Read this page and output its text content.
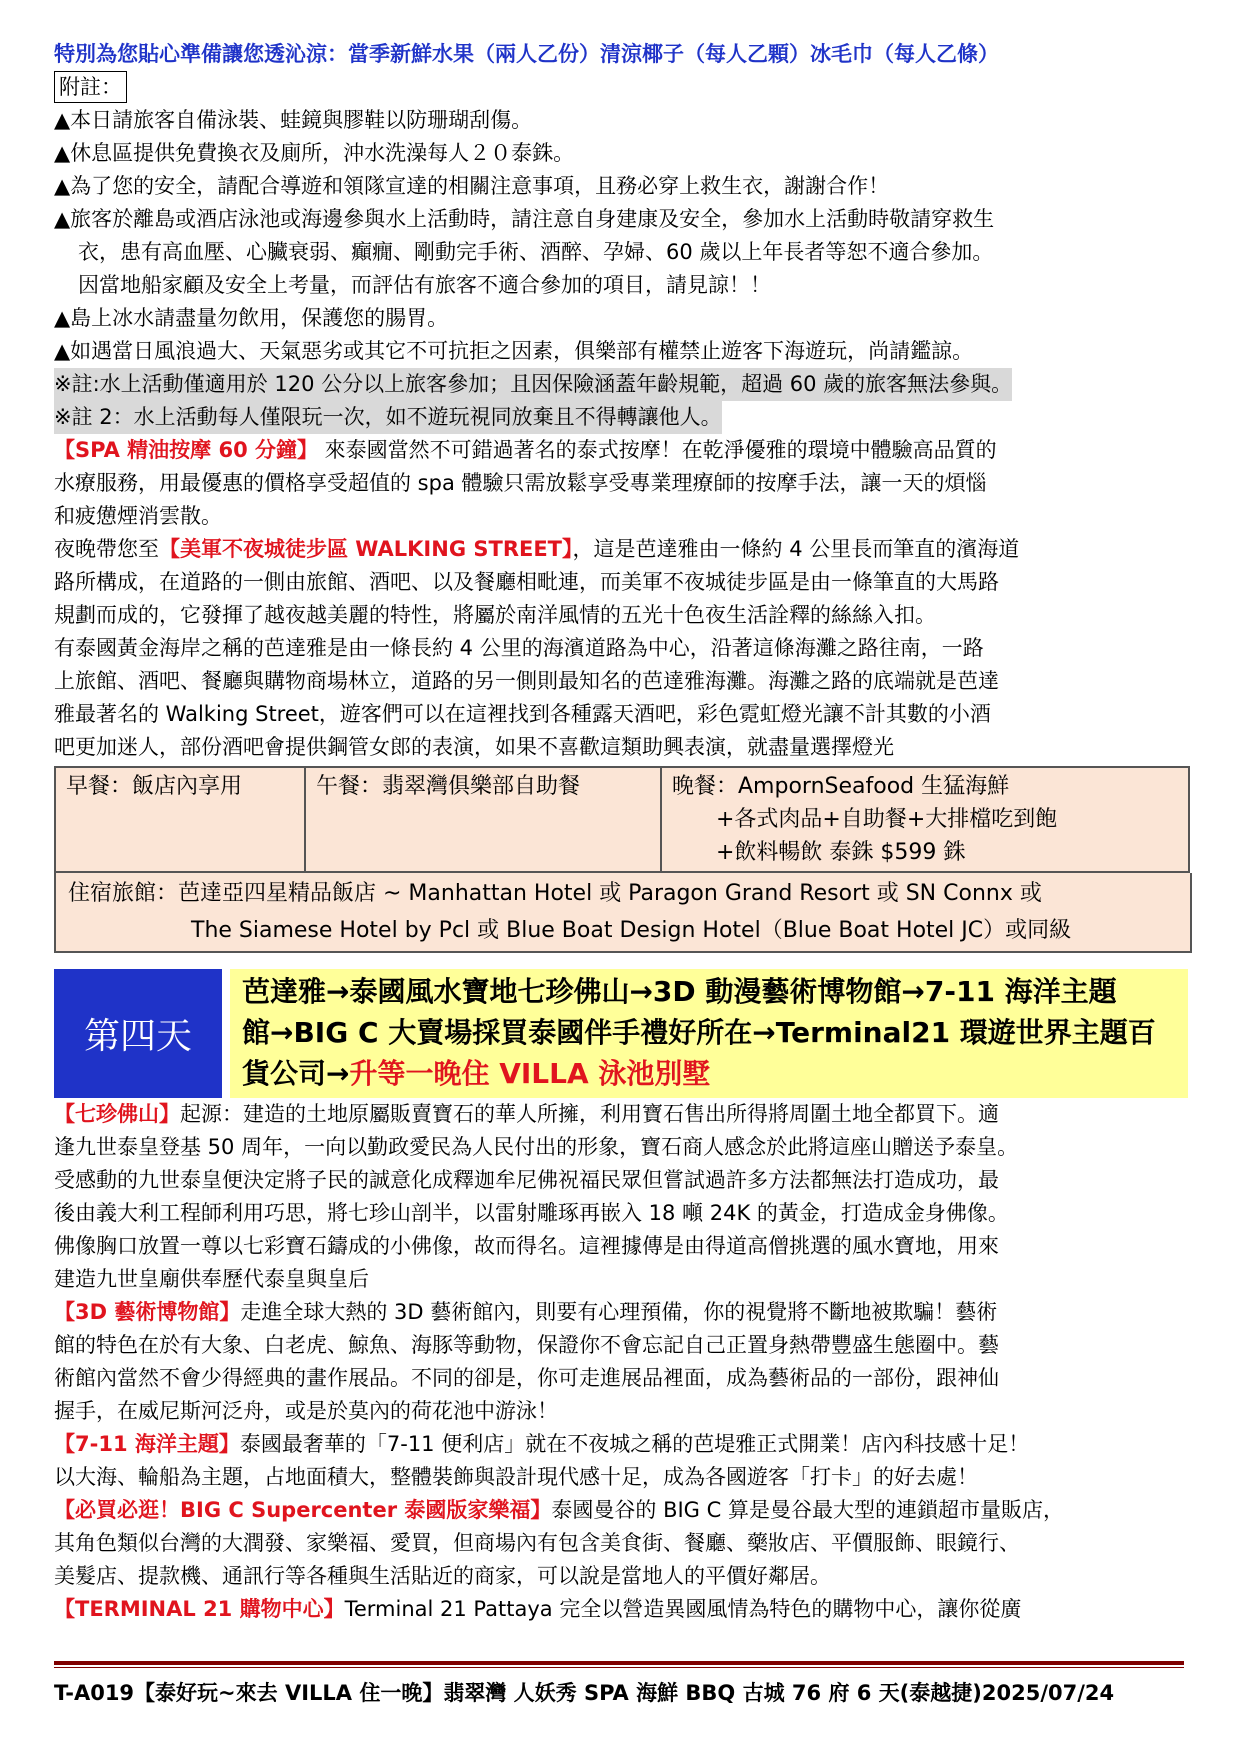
特別為您貼心準備讓您透沁涼：當季新鮮水果（兩人乙份）清涼椰子（每人乙顆）冰毛巾（每人乙條）
附註：
▲本日請旅客自備泳裝、蛙鏡與膠鞋以防珊瑚刮傷。
▲休息區提供免費換衣及廁所，沖水洗澡每人２０泰銖。
▲為了您的安全，請配合導遊和領隊宣達的相關注意事項，且務必穿上救生衣，謝謝合作！
▲旅客於離島或酒店泳池或海邊參與水上活動時，請注意自身建康及安全，參加水上活動時敬請穿救生
衣，患有高血壓、心臟衰弱、癲癇、剛動完手術、酒醉、孕婦、60 歲以上年長者等恕不適合參加。
因當地船家顧及安全上考量，而評估有旅客不適合參加的項目，請見諒！！
▲島上冰水請盡量勿飲用，保護您的腸胃。
▲如遇當日風浪過大、天氣惡劣或其它不可抗拒之因素，俱樂部有權禁止遊客下海遊玩，尚請鑑諒。
※註:水上活動僅適用於 120 公分以上旅客參加；且因保險涵蓋年齡規範，超過 60 歲的旅客無法參與。
※註 2：水上活動每人僅限玩一次，如不遊玩視同放棄且不得轉讓他人。
【SPA 精油按摩 60 分鐘】 來泰國當然不可錯過著名的泰式按摩！在乾淨優雅的環境中體驗高品質的
水療服務，用最優惠的價格享受超值的 spa 體驗只需放鬆享受專業理療師的按摩手法，讓一天的煩惱
和疲憊煙消雲散。
夜晚帶您至【美軍不夜城徒步區 WALKING STREET】，這是芭達雅由一條約 4 公里長而筆直的濱海道
路所構成，在道路的一側由旅館、酒吧、以及餐廳相毗連，而美軍不夜城徒步區是由一條筆直的大馬路
規劃而成的，它發揮了越夜越美麗的特性，將屬於南洋風情的五光十色夜生活詮釋的絲絲入扣。
有泰國黃金海岸之稱的芭達雅是由一條長約 4 公里的海濱道路為中心，沿著這條海灘之路往南，一路
上旅館、酒吧、餐廳與購物商場林立，道路的另一側則最知名的芭達雅海灘。海灘之路的底端就是芭達
雅最著名的 Walking Street，遊客們可以在這裡找到各種露天酒吧，彩色霓虹燈光讓不計其數的小酒
吧更加迷人，部份酒吧會提供鋼管女郎的表演，如果不喜歡這類助興表演，就盡量選擇燈光
早餐：飯店內享用	午餐：翡翠灣俱樂部自助餐	晚餐：AmpornSeafood 生猛海鮮
+各式肉品+自助餐+大排檔吃到飽
+飲料暢飲 泰銖 $599 銖
住宿旅館：芭達亞四星精品飯店 ~ Manhattan Hotel 或 Paragon Grand Resort 或 SN Connx 或
The Siamese Hotel by Pcl 或 Blue Boat Design Hotel（Blue Boat Hotel JC）或同級
第四天
芭達雅→泰國風水寶地七珍佛山→3D 動漫藝術博物館→7-11 海洋主題
館→BIG C 大賣場採買泰國伴手禮好所在→Terminal21 環遊世界主題百
貨公司→升等一晚住 VILLA 泳池別墅
【七珍佛山】起源：建造的土地原屬販賣寶石的華人所擁，利用寶石售出所得將周圍土地全都買下。適
逢九世泰皇登基 50 周年，一向以勤政愛民為人民付出的形象，寶石商人感念於此將這座山贈送予泰皇。
受感動的九世泰皇便決定將子民的誠意化成釋迦牟尼佛祝福民眾但嘗試過許多方法都無法打造成功，最
後由義大利工程師利用巧思，將七珍山剖半，以雷射雕琢再嵌入 18 噸 24K 的黃金，打造成金身佛像。
佛像胸口放置一尊以七彩寶石鑄成的小佛像，故而得名。這裡據傳是由得道高僧挑選的風水寶地，用來
建造九世皇廟供奉歷代泰皇與皇后
【3D 藝術博物館】走進全球大熱的 3D 藝術館內，則要有心理預備，你的視覺將不斷地被欺騙！藝術
館的特色在於有大象、白老虎、鯨魚、海豚等動物，保證你不會忘記自己正置身熱帶豐盛生態圈中。藝
術館內當然不會少得經典的畫作展品。不同的卻是，你可走進展品裡面，成為藝術品的一部份，跟神仙
握手，在威尼斯河泛舟，或是於莫內的荷花池中游泳！
【7-11 海洋主題】泰國最奢華的「7-11 便利店」就在不夜城之稱的芭堤雅正式開業！店內科技感十足！
以大海、輪船為主題，占地面積大，整體裝飾與設計現代感十足，成為各國遊客「打卡」的好去處！
【必買必逛！BIG C Supercenter 泰國版家樂福】泰國曼谷的 BIG C 算是曼谷最大型的連鎖超市量販店，
其角色類似台灣的大潤發、家樂福、愛買，但商場內有包含美食街、餐廳、藥妝店、平價服飾、眼鏡行、
美髮店、提款機、通訊行等各種與生活貼近的商家，可以說是當地人的平價好鄰居。
【TERMINAL 21 購物中心】Terminal 21 Pattaya 完全以營造異國風情為特色的購物中心，讓你從廣
T-A019【泰好玩~來去 VILLA 住一晚】翡翠灣 人妖秀 SPA 海鮮 BBQ 古城 76 府 6 天(泰越捷)2025/07/24
